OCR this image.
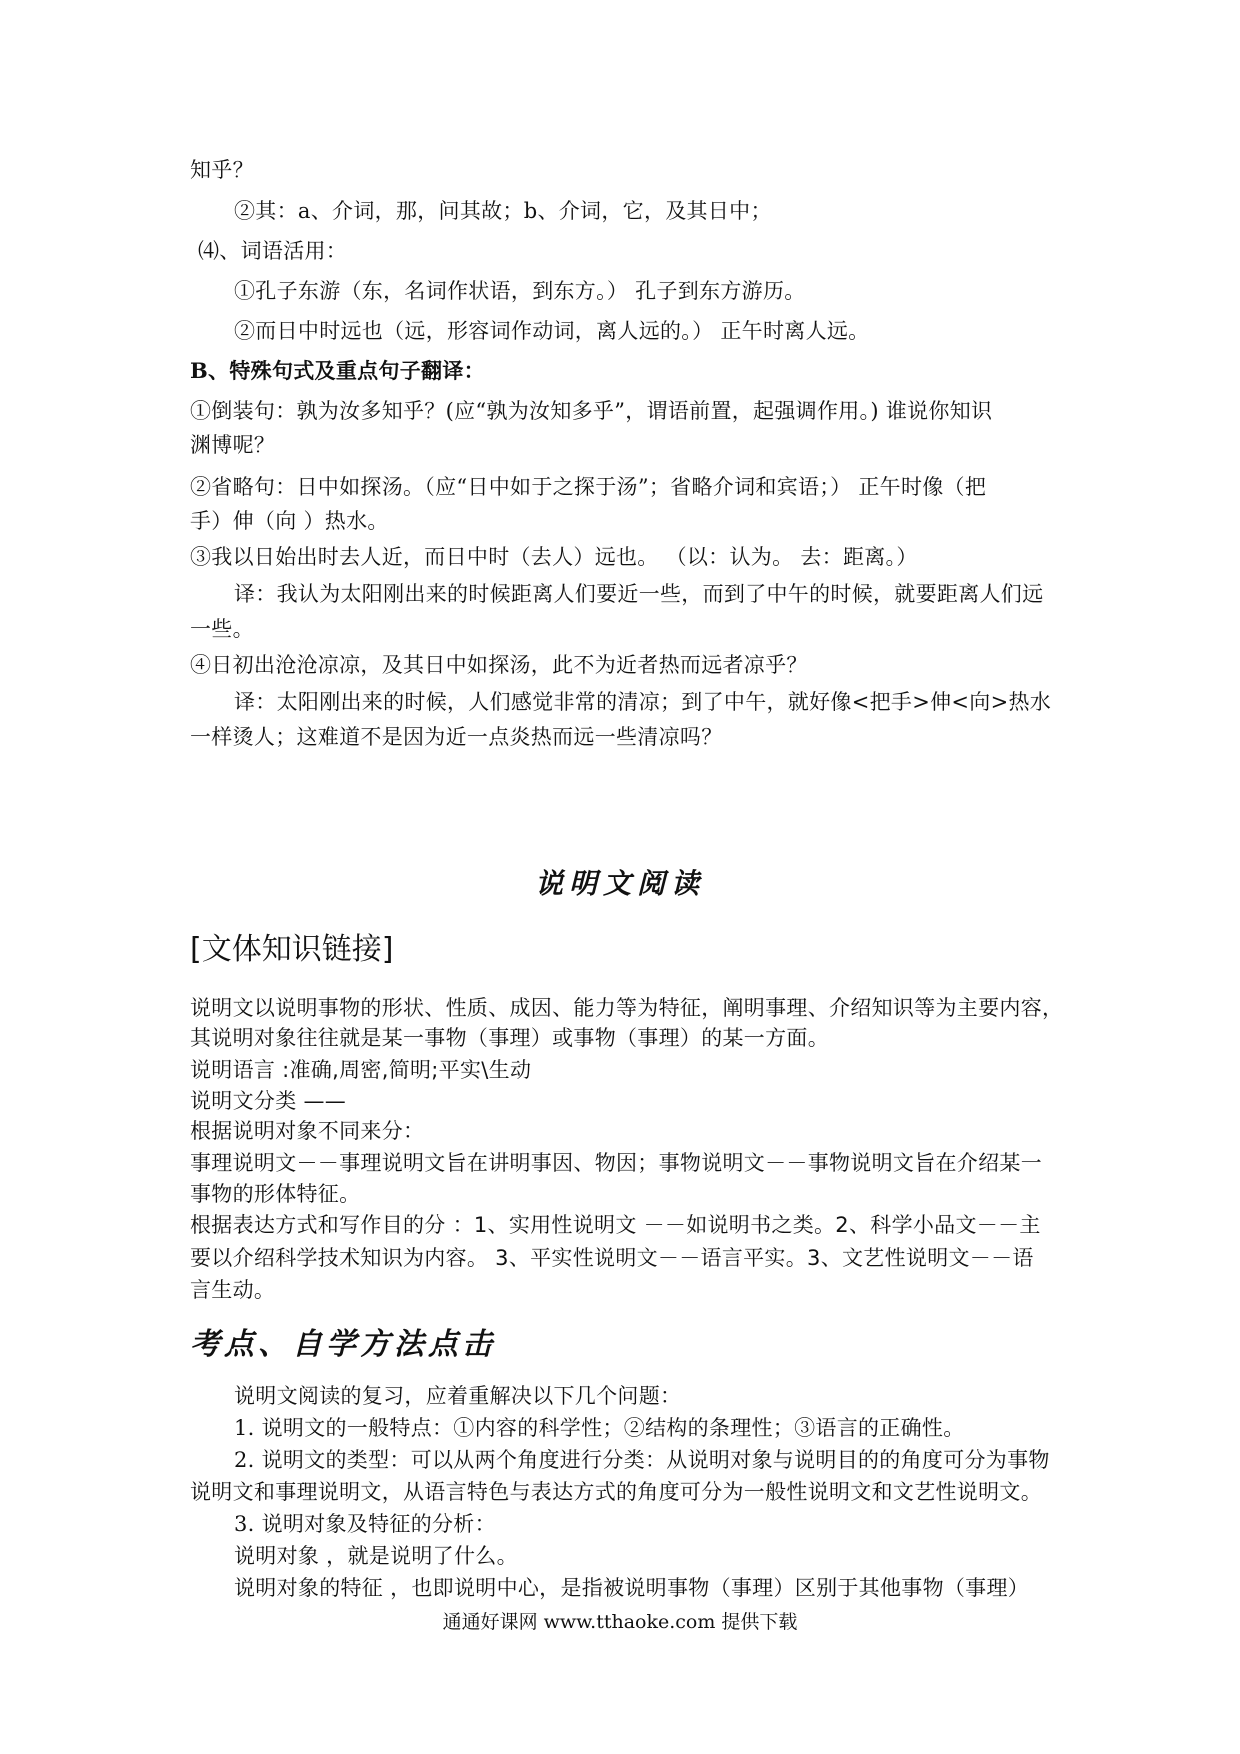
知乎？
②其：a、介词，那，问其故；b、介词，它，及其日中；
⑷、词语活用：
①孔子东游（东，名词作状语，到东方。） 孔子到东方游历。
②而日中时远也（远，形容词作动词，离人远的。） 正午时离人远。
B、特殊句式及重点句子翻译：
①倒装句：孰为汝多知乎？(应“孰为汝知多乎”，谓语前置，起强调作用。) 谁说你知识
渊博呢？
②省略句：日中如探汤。（应“日中如于之探于汤”；省略介词和宾语；） 正午时像（把
手）伸（向 ）热水。
③我以日始出时去人近，而日中时（去人）远也。 （以：认为。 去：距离。）
译：我认为太阳刚出来的时候距离人们要近一些，而到了中午的时候，就要距离人们远
一些。
④日初出沧沧凉凉，及其日中如探汤，此不为近者热而远者凉乎？
译：太阳刚出来的时候，人们感觉非常的清凉；到了中午，就好像<把手>伸<向>热水
一样烫人；这难道不是因为近一点炎热而远一些清凉吗？
说明文阅读
[文体知识链接]
说明文以说明事物的形状、性质、成因、能力等为特征，阐明事理、介绍知识等为主要内容，
其说明对象往往就是某一事物（事理）或事物（事理）的某一方面。
说明语言 :准确,周密,简明;平实\生动
说明文分类 ——
根据说明对象不同来分：
事理说明文－－事理说明文旨在讲明事因、物因；事物说明文－－事物说明文旨在介绍某一
事物的形体特征。
根据表达方式和写作目的分 ：1、实用性说明文 －－如说明书之类。2、科学小品文－－主
要以介绍科学技术知识为内容。 3、平实性说明文－－语言平实。3、文艺性说明文－－语
言生动。
考点、自学方法点击
说明文阅读的复习，应着重解决以下几个问题：
1. 说明文的一般特点：①内容的科学性；②结构的条理性；③语言的正确性。
2. 说明文的类型：可以从两个角度进行分类：从说明对象与说明目的的角度可分为事物
说明文和事理说明文，从语言特色与表达方式的角度可分为一般性说明文和文艺性说明文。
3. 说明对象及特征的分析：
说明对象 ，就是说明了什么。
说明对象的特征 ，也即说明中心，是指被说明事物（事理）区别于其他事物（事理）
通通好课网 www.tthaoke.com 提供下载
